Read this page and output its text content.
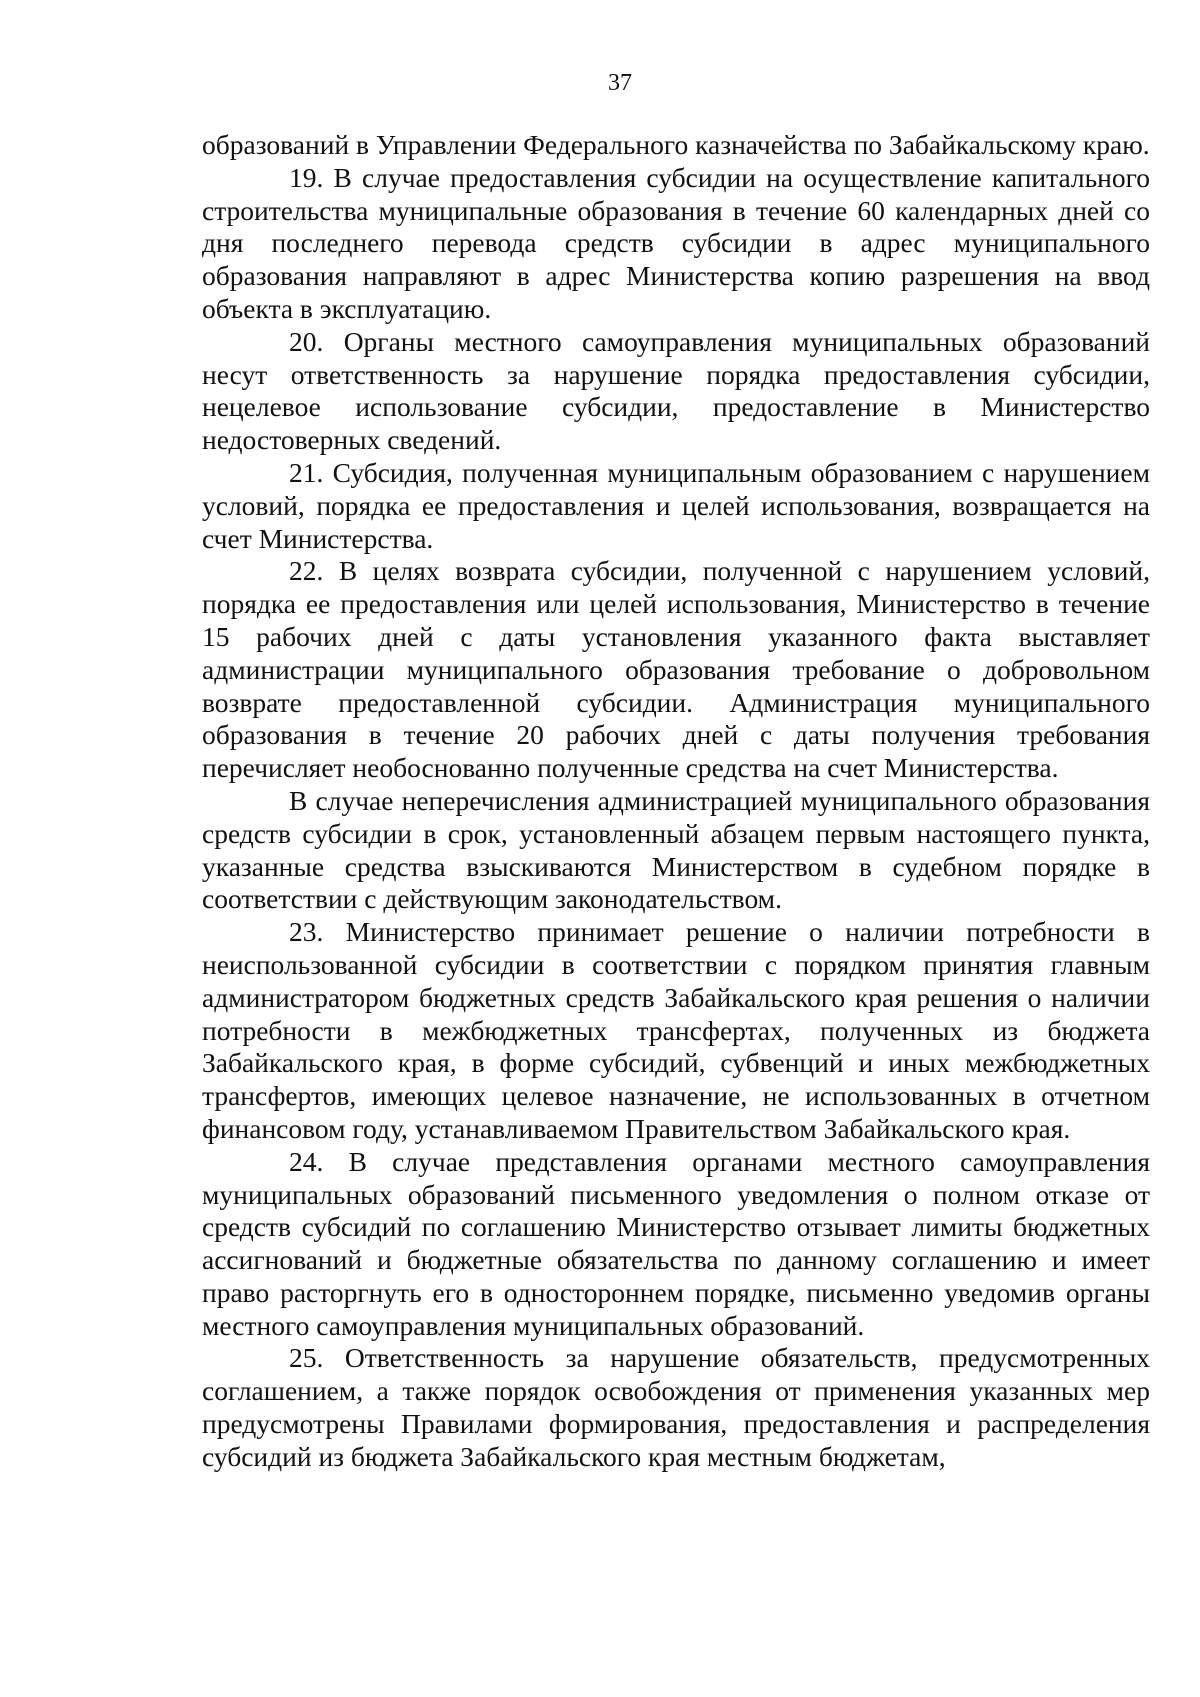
37

образований в Управлении Федерального казначейства по Забайкальскому краю.

19. В случае предоставления субсидии на осуществление капитального строительства муниципальные образования в течение 60 календарных дней со дня последнего перевода средств субсидии в адрес муниципального образования направляют в адрес Министерства копию разрешения на ввод объекта в эксплуатацию.

20. Органы местного самоуправления муниципальных образований несут ответственность за нарушение порядка предоставления субсидии, нецелевое использование субсидии, предоставление в Министерство недостоверных сведений.

21. Субсидия, полученная муниципальным образованием с нарушением условий, порядка ее предоставления и целей использования, возвращается на счет Министерства.

22. В целях возврата субсидии, полученной с нарушением условий, порядка ее предоставления или целей использования, Министерство в течение 15 рабочих дней с даты установления указанного факта выставляет администрации муниципального образования требование о добровольном возврате предоставленной субсидии. Администрация муниципального образования в течение 20 рабочих дней с даты получения требования перечисляет необоснованно полученные средства на счет Министерства.

В случае неперечисления администрацией муниципального образования средств субсидии в срок, установленный абзацем первым настоящего пункта, указанные средства взыскиваются Министерством в судебном порядке в соответствии с действующим законодательством.

23. Министерство принимает решение о наличии потребности в неиспользованной субсидии в соответствии с порядком принятия главным администратором бюджетных средств Забайкальского края решения о наличии потребности в межбюджетных трансфертах, полученных из бюджета Забайкальского края, в форме субсидий, субвенций и иных межбюджетных трансфертов, имеющих целевое назначение, не использованных в отчетном финансовом году, устанавливаемом Правительством Забайкальского края.

24. В случае представления органами местного самоуправления муниципальных образований письменного уведомления о полном отказе от средств субсидий по соглашению Министерство отзывает лимиты бюджетных ассигнований и бюджетные обязательства по данному соглашению и имеет право расторгнуть его в одностороннем порядке, письменно уведомив органы местного самоуправления муниципальных образований.

25. Ответственность за нарушение обязательств, предусмотренных соглашением, а также порядок освобождения от применения указанных мер предусмотрены Правилами формирования, предоставления и распределения субсидий из бюджета Забайкальского края местным бюджетам,
